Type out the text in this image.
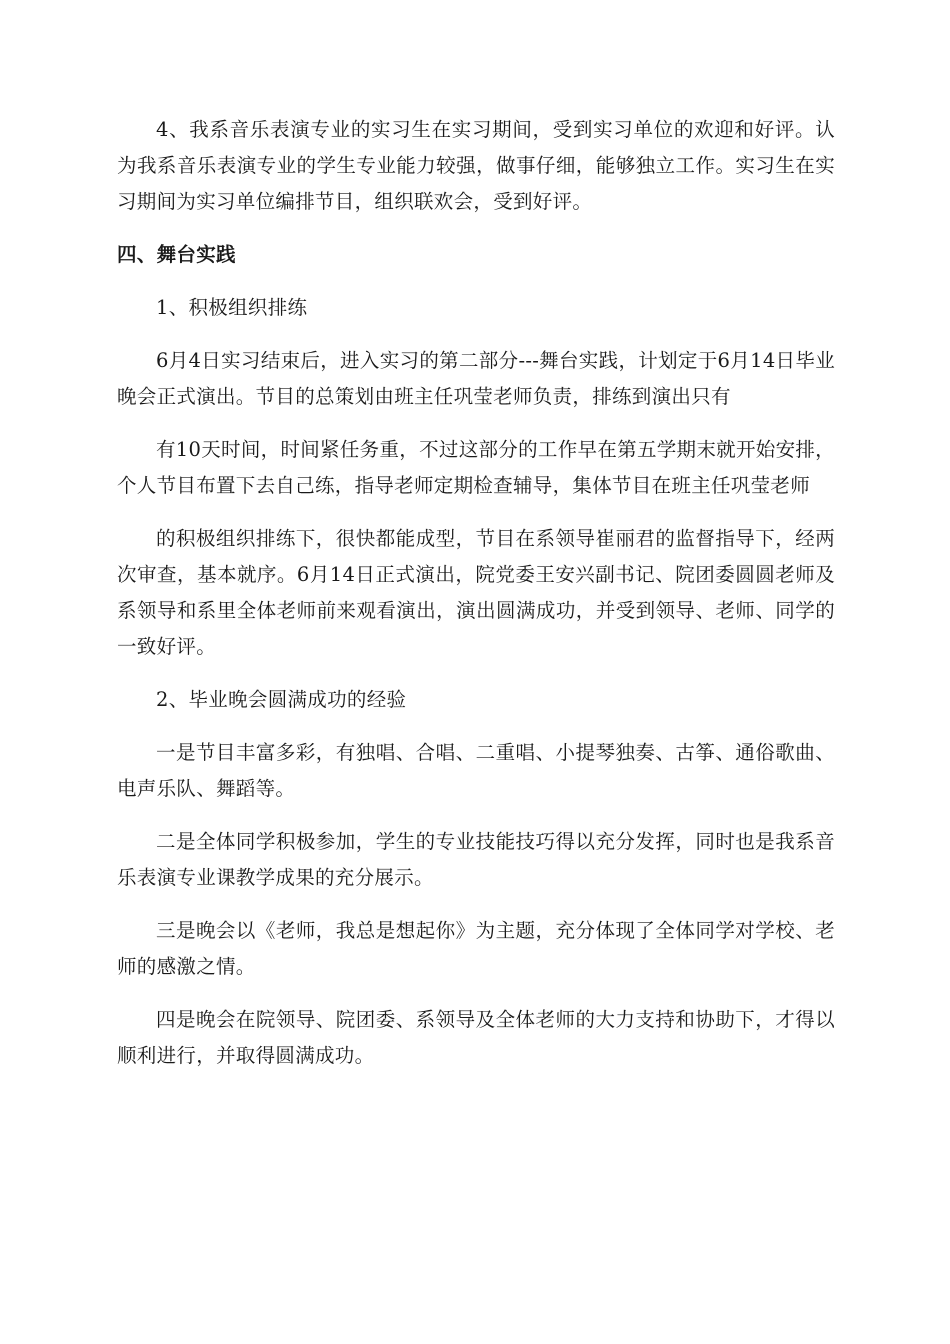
4、我系音乐表演专业的实习生在实习期间，受到实习单位的欢迎和好评。认为我系音乐表演专业的学生专业能力较强，做事仔细，能够独立工作。实习生在实习期间为实习单位编排节目，组织联欢会，受到好评。

四、舞台实践

1、积极组织排练

6月4日实习结束后，进入实习的第二部分---舞台实践，计划定于6月14日毕业晚会正式演出。节目的总策划由班主任巩莹老师负责，排练到演出只有

有10天时间，时间紧任务重，不过这部分的工作早在第五学期末就开始安排，个人节目布置下去自己练，指导老师定期检查辅导，集体节目在班主任巩莹老师

的积极组织排练下，很快都能成型，节目在系领导崔丽君的监督指导下，经两次审查，基本就序。6月14日正式演出，院党委王安兴副书记、院团委圆圆老师及系领导和系里全体老师前来观看演出，演出圆满成功，并受到领导、老师、同学的一致好评。

2、毕业晚会圆满成功的经验

一是节目丰富多彩，有独唱、合唱、二重唱、小提琴独奏、古筝、通俗歌曲、电声乐队、舞蹈等。

二是全体同学积极参加，学生的专业技能技巧得以充分发挥，同时也是我系音乐表演专业课教学成果的充分展示。

三是晚会以《老师，我总是想起你》为主题，充分体现了全体同学对学校、老师的感激之情。

四是晚会在院领导、院团委、系领导及全体老师的大力支持和协助下，才得以顺利进行，并取得圆满成功。
